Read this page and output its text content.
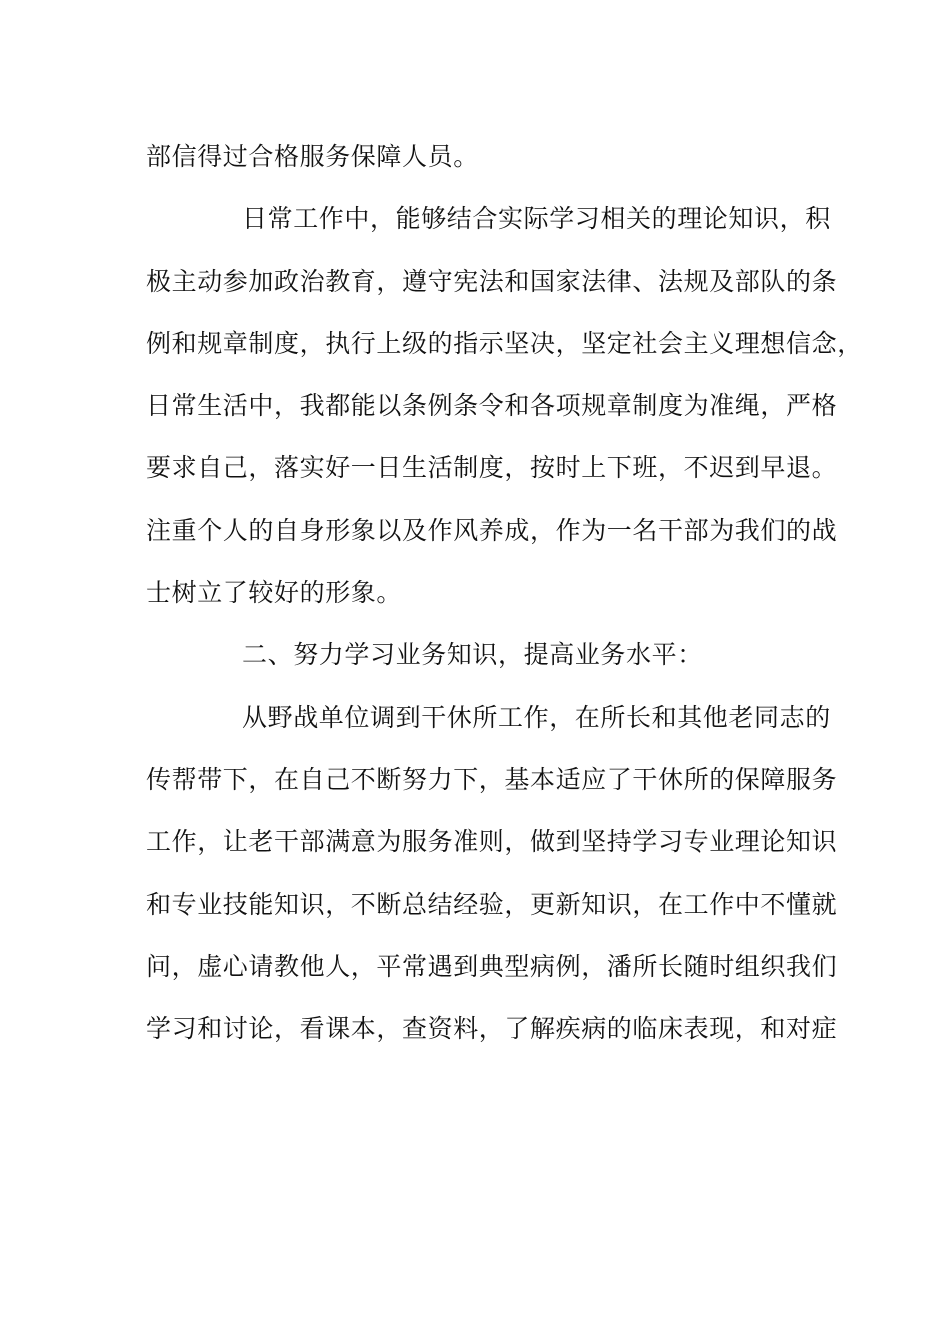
部信得过合格服务保障人员。
日常工作中，能够结合实际学习相关的理论知识，积
极主动参加政治教育，遵守宪法和国家法律、法规及部队的条
例和规章制度，执行上级的指示坚决，坚定社会主义理想信念，
日常生活中，我都能以条例条令和各项规章制度为准绳，严格
要求自己，落实好一日生活制度，按时上下班，不迟到早退。
注重个人的自身形象以及作风养成，作为一名干部为我们的战
士树立了较好的形象。
二、努力学习业务知识，提高业务水平：
从野战单位调到干休所工作，在所长和其他老同志的
传帮带下，在自己不断努力下，基本适应了干休所的保障服务
工作，让老干部满意为服务准则，做到坚持学习专业理论知识
和专业技能知识，不断总结经验，更新知识，在工作中不懂就
问，虚心请教他人，平常遇到典型病例，潘所长随时组织我们
学习和讨论，看课本，查资料，了解疾病的临床表现，和对症
